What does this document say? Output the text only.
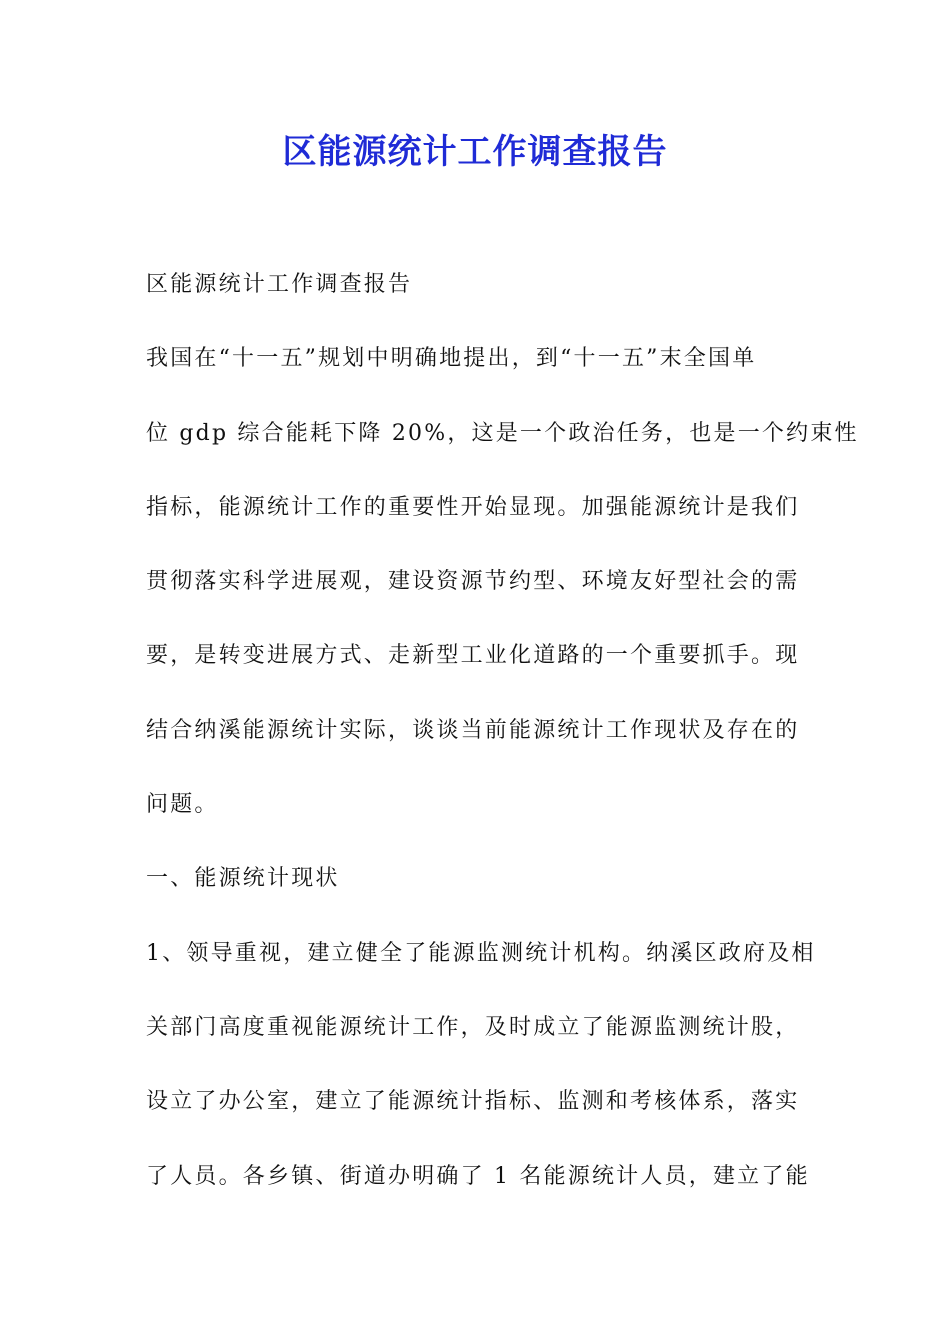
区能源统计工作调查报告

区能源统计工作调查报告

我国在“十一五”规划中明确地提出，到“十一五”末全国单

位 gdp 综合能耗下降 20%，这是一个政治任务，也是一个约束性

指标，能源统计工作的重要性开始显现。加强能源统计是我们

贯彻落实科学进展观，建设资源节约型、环境友好型社会的需

要，是转变进展方式、走新型工业化道路的一个重要抓手。现

结合纳溪能源统计实际，谈谈当前能源统计工作现状及存在的

问题。

一、能源统计现状

1、领导重视，建立健全了能源监测统计机构。纳溪区政府及相

关部门高度重视能源统计工作，及时成立了能源监测统计股，

设立了办公室，建立了能源统计指标、监测和考核体系，落实

了人员。各乡镇、街道办明确了 1 名能源统计人员，建立了能
